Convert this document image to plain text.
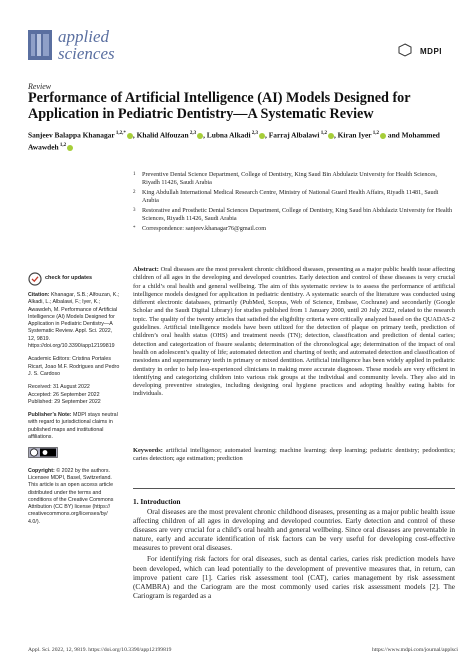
applied
sciences	MDPI
Review
Performance of Artificial Intelligence (AI) Models Designed for Application in Pediatric Dentistry—A Systematic Review
Sanjeev Balappa Khanagar $^{1,2,*}$ , Khalid Alfouzan $^{2,3}$ , Lubna Alkadi $^{2,3}$ , Farraj Albalawi $^{1,2}$ , Kiran Iyer $^{1,2}$ and Mohammed Awawdeh $^{1,2}$
1	Preventive Dental Science Department, College of Dentistry, King Saud Bin Abdulaziz University for Health Sciences, Riyadh 11426, Saudi Arabia
2	King Abdullah International Medical Research Centre, Ministry of National Guard Health Affairs, Riyadh 11481, Saudi Arabia
3	Restorative and Prosthetic Dental Sciences Department, College of Dentistry, King Saud bin Abdulaziz University for Health Sciences, Riyadh 11426, Saudi Arabia
*	Correspondence: sanjeev.khanagar76@gmail.com
check for updates
Citation: Khanagar, S.B.; Alfouzan, K.; Alkadi, L.; Albalawi, F.; Iyer, K.; Awawdeh, M. Performance of Artificial Intelligence (AI) Models Designed for Application in Pediatric Dentistry—A Systematic Review. Appl. Sci. 2022, 12, 9819. https://doi.org/10.3390/app12199819
Academic Editors: Cristina Portales Ricart, Joao M.F. Rodrigues and Pedro J. S. Cardoso
Received: 31 August 2022
Accepted: 26 September 2022
Published: 29 September 2022
Publisher’s Note: MDPI stays neutral with regard to jurisdictional claims in published maps and institutional affiliations.
Copyright: © 2022 by the authors. Licensee MDPI, Basel, Switzerland. This article is an open access article distributed under the terms and conditions of the Creative Commons Attribution (CC BY) license (https:// creativecommons.org/licenses/by/ 4.0/).
Abstract: Oral diseases are the most prevalent chronic childhood diseases, presenting as a major public health issue affecting children of all ages in the developing and developed countries. Early detection and control of these diseases is very crucial for a child’s oral health and general wellbeing. The aim of this systematic review is to assess the performance of artificial intelligence models designed for application in pediatric dentistry. A systematic search of the literature was conducted using different electronic databases, primarily (PubMed, Scopus, Web of Science, Embase, Cochrane) and secondarily (Google Scholar and the Saudi Digital Library) for studies published from 1 January 2000, until 20 July 2022, related to the research topic. The quality of the twenty articles that satisfied the eligibility criteria were critically analyzed based on the QUADAS-2 guidelines. Artificial intelligence models have been utilized for the detection of plaque on primary teeth, prediction of children’s oral health status (OHS) and treatment needs (TN); detection, classification and prediction of dental caries; detection and categorization of fissure sealants; determination of the chronological age; determination of the impact of oral health on adolescent’s quality of life; automated detection and charting of teeth; and automated detection and classification of mesiodens and supernumerary teeth in primary or mixed dentition. Artificial intelligence has been widely applied in pediatric dentistry in order to help less-experienced clinicians in making more accurate diagnoses. These models are very efficient in identifying and categorizing children into various risk groups at the individual and community levels. They also aid in developing preventive strategies, including designing oral hygiene practices and adopting healthy eating habits for individuals.
Keywords: artificial intelligence; automated learning; machine learning; deep learning; pediatric dentistry; pedodontics; caries detection; age estimation; prediction
1. Introduction

Oral diseases are the most prevalent chronic childhood diseases, presenting as a major public health issue affecting children of all ages in developing and developed countries. Early detection and control of these diseases are very crucial for a child’s oral health and general wellbeing. Since oral diseases are preventable in nature, early and accurate identification of risk factors can be very useful for developing cost-effective measures to prevent oral diseases.

For identifying risk factors for oral diseases, such as dental caries, caries risk prediction models have been developed, which can lead potentially to the development of preventive measures that, in return, can improve patient care [1]. Caries risk assessment tool (CAT), caries management by risk assessment (CAMBRA) and the Cariogram are the most commonly used caries risk assessment models [2]. The Cariogram is regarded as a

Appl. Sci. 2022, 12, 9819. https://doi.org/10.3390/app12199819	https://www.mdpi.com/journal/applsci
